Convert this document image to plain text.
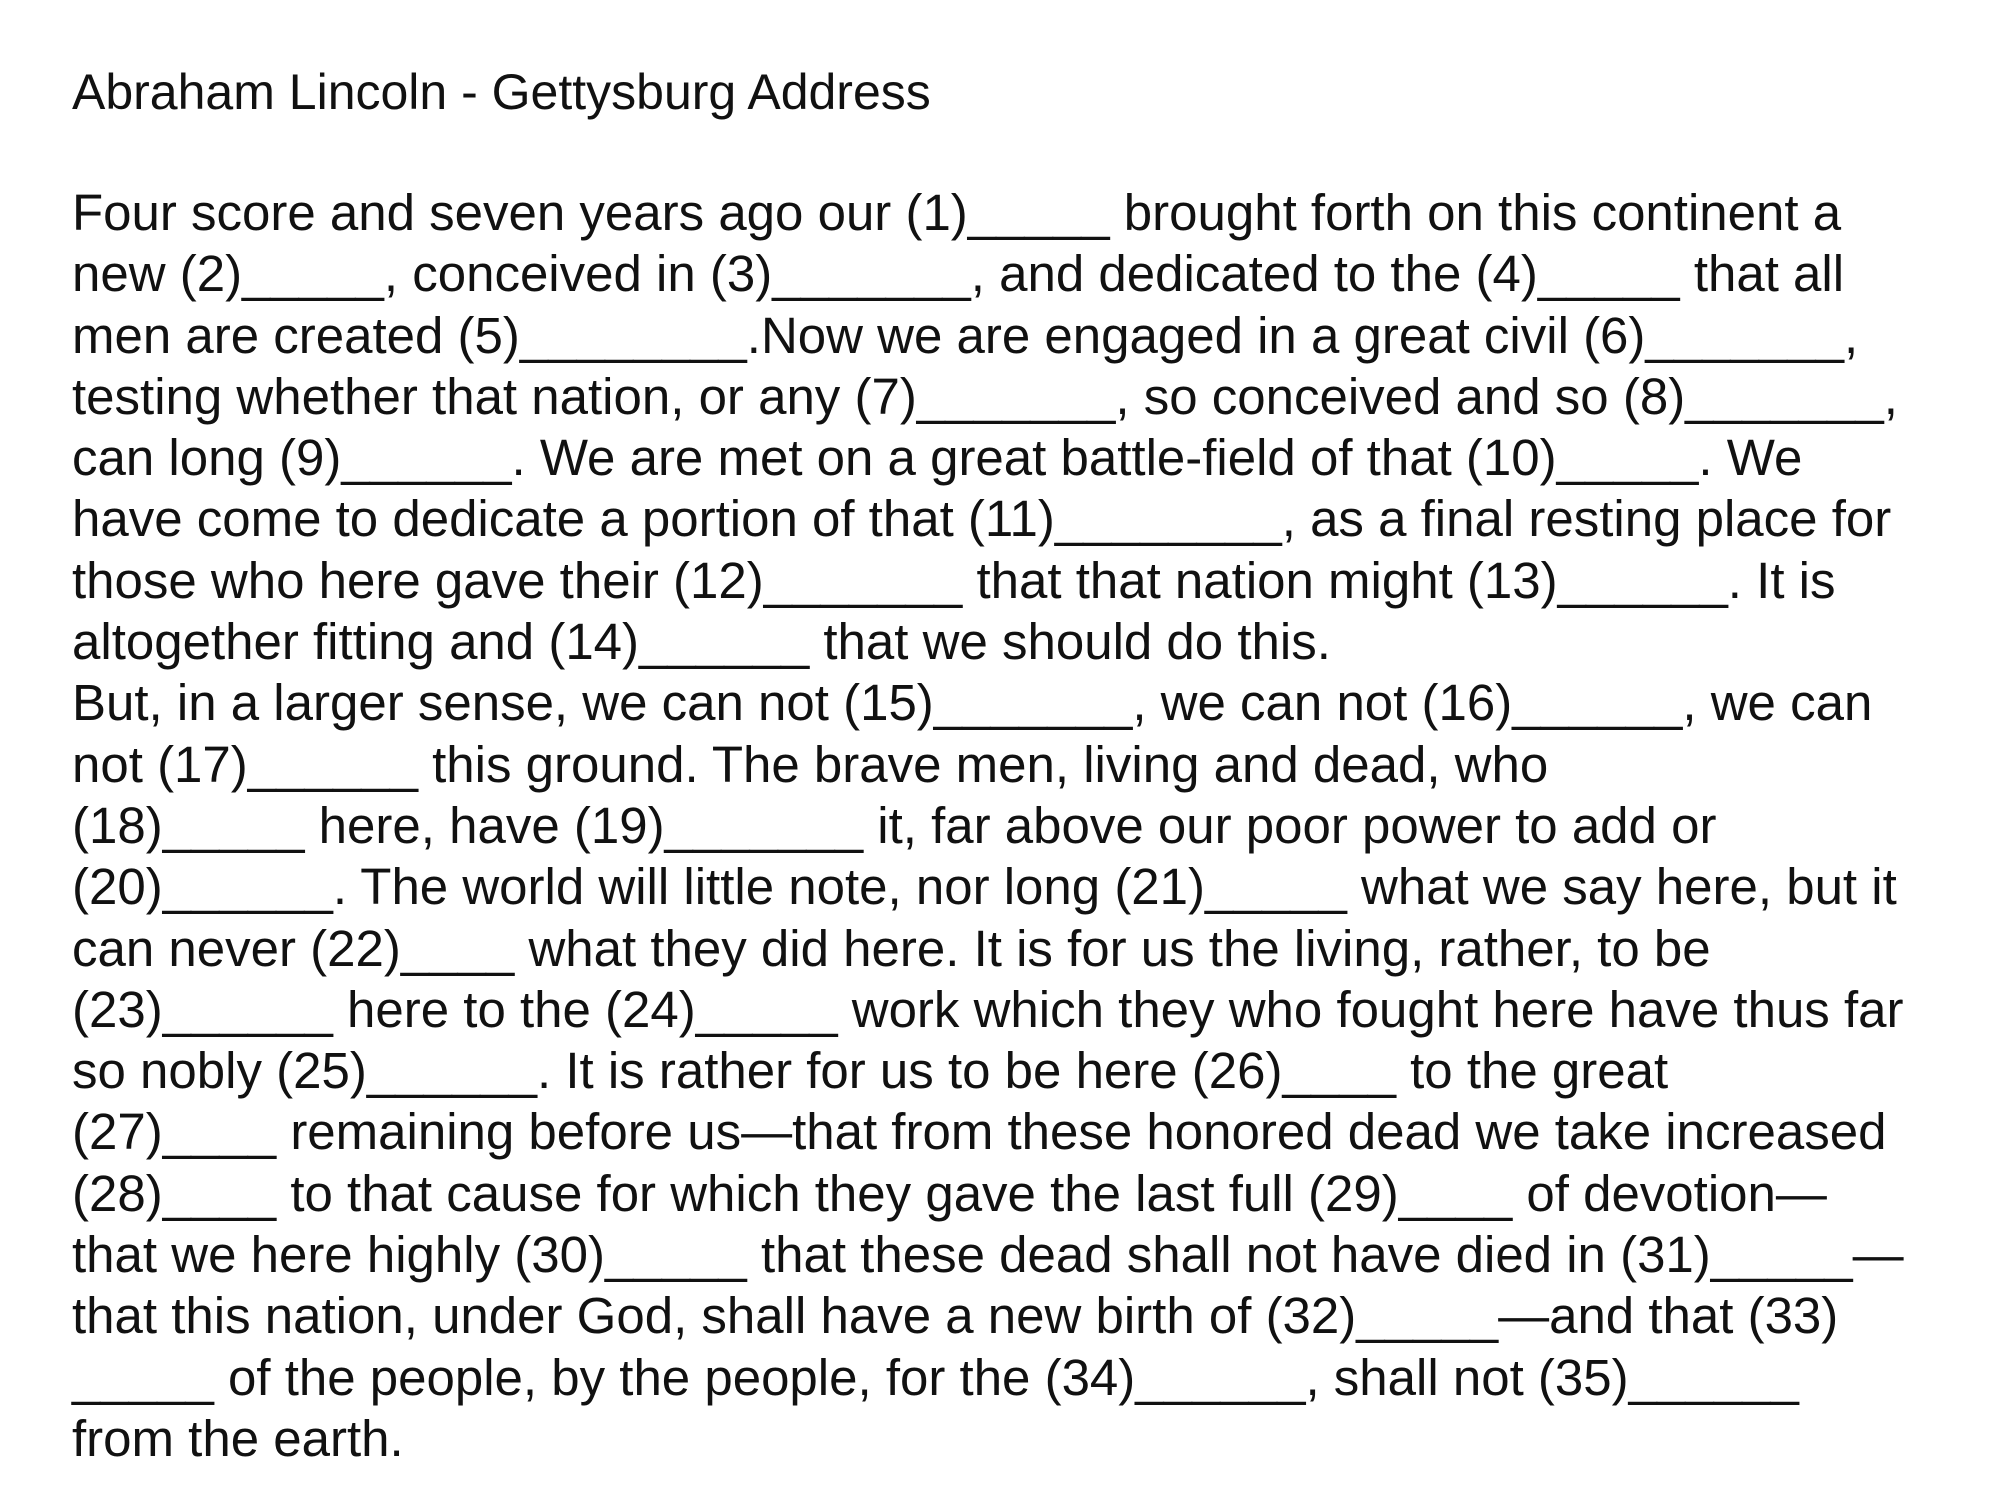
Abraham Lincoln - Gettysburg Address
Four score and seven years ago our (1)_____ brought forth on this continent a
new (2)_____, conceived in (3)_______, and dedicated to the (4)_____ that all
men are created (5)________.Now we are engaged in a great civil (6)_______,
testing whether that nation, or any (7)_______, so conceived and so (8)_______,
can long (9)______. We are met on a great battle-field of that (10)_____. We
have come to dedicate a portion of that (11)________, as a final resting place for
those who here gave their (12)_______ that that nation might (13)______. It is
altogether fitting and (14)______ that we should do this.
But, in a larger sense, we can not (15)_______, we can not (16)______, we can
not (17)______ this ground. The brave men, living and dead, who
(18)_____ here, have (19)_______ it, far above our poor power to add or
(20)______. The world will little note, nor long (21)_____ what we say here, but it
can never (22)____ what they did here. It is for us the living, rather, to be
(23)______ here to the (24)_____ work which they who fought here have thus far
so nobly (25)______. It is rather for us to be here (26)____ to the great
(27)____ remaining before us—that from these honored dead we take increased
(28)____ to that cause for which they gave the last full (29)____ of devotion—
that we here highly (30)_____ that these dead shall not have died in (31)_____—
that this nation, under God, shall have a new birth of (32)_____—and that (33)
_____ of the people, by the people, for the (34)______, shall not (35)______
from the earth.
